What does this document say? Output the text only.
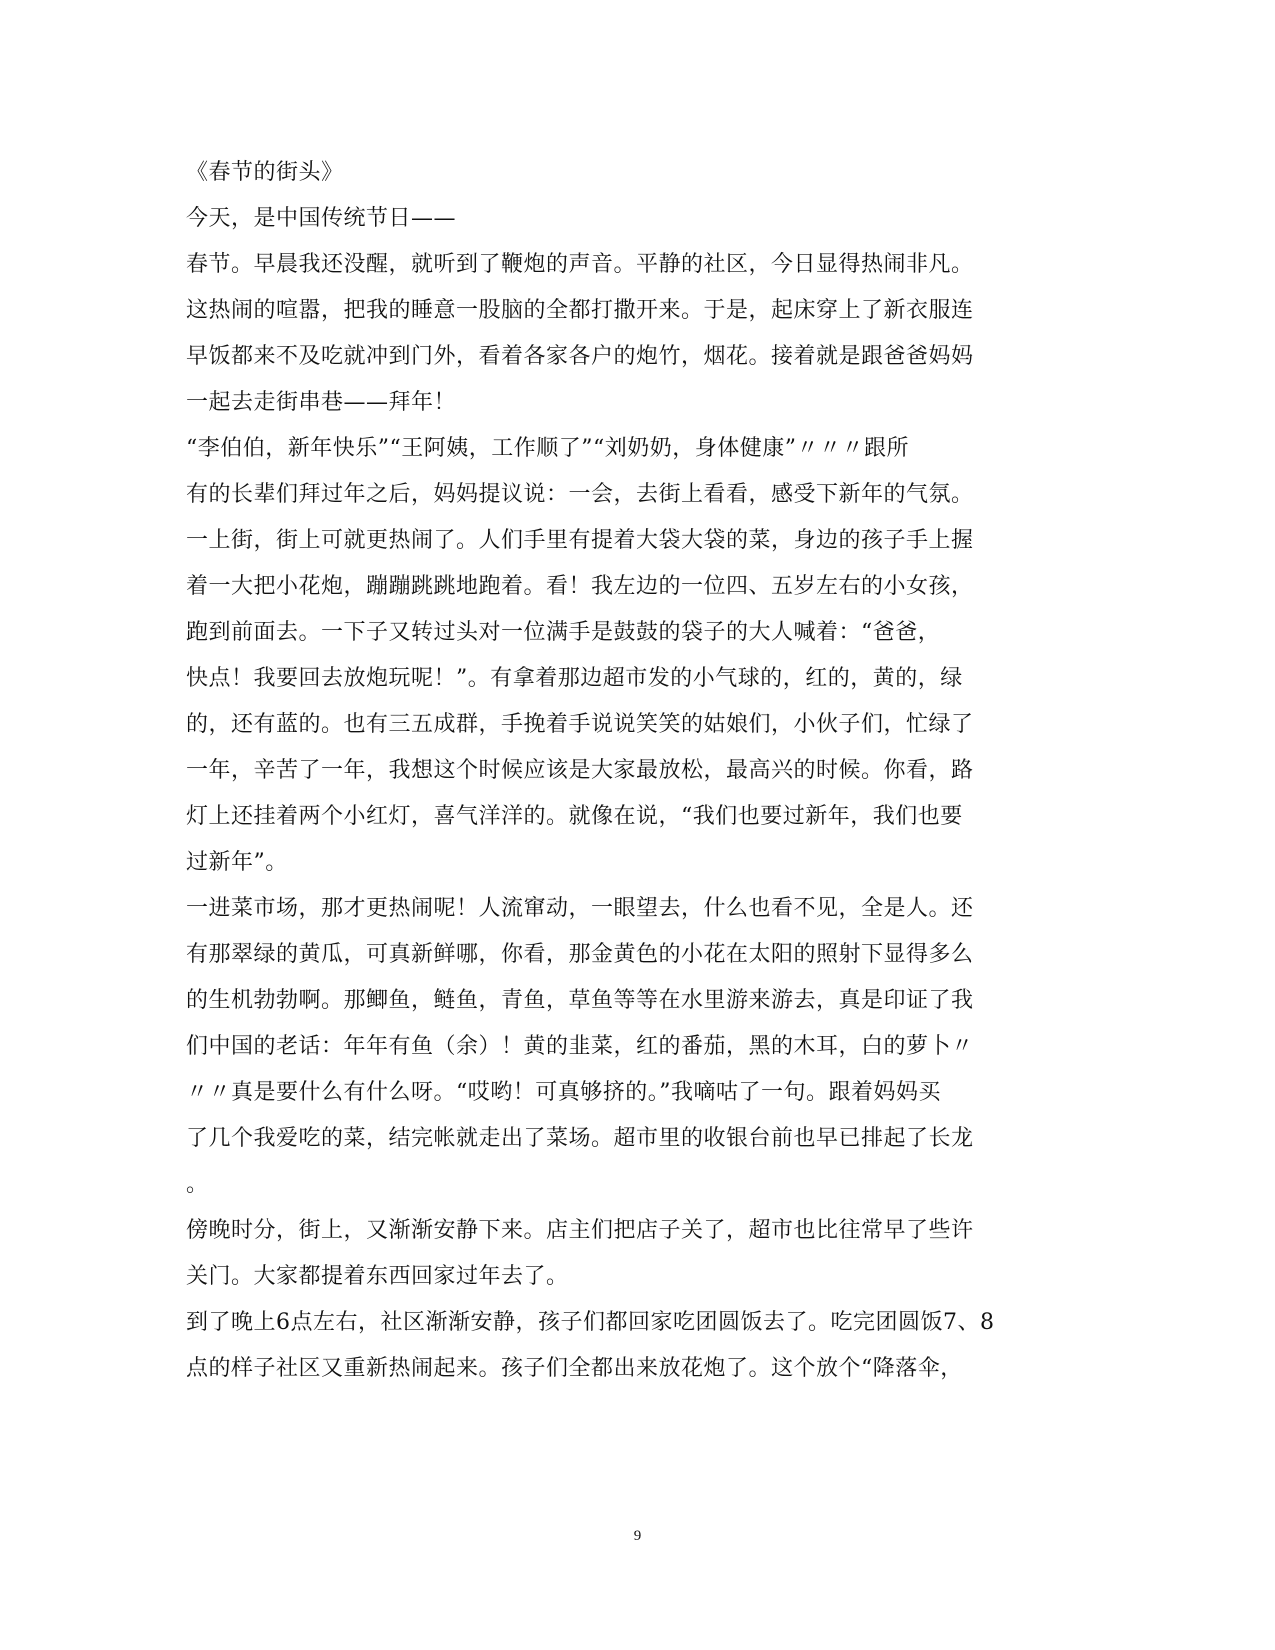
《春节的街头》
今天，是中国传统节日——
春节。早晨我还没醒，就听到了鞭炮的声音。平静的社区，今日显得热闹非凡。
这热闹的喧嚣，把我的睡意一股脑的全都打撒开来。于是，起床穿上了新衣服连
早饭都来不及吃就冲到门外，看着各家各户的炮竹，烟花。接着就是跟爸爸妈妈
一起去走街串巷——拜年！
“李伯伯，新年快乐”“王阿姨，工作顺了”“刘奶奶，身体健康”〃〃〃跟所
有的长辈们拜过年之后，妈妈提议说：一会，去街上看看，感受下新年的气氛。
一上街，街上可就更热闹了。人们手里有提着大袋大袋的菜，身边的孩子手上握
着一大把小花炮，蹦蹦跳跳地跑着。看！我左边的一位四、五岁左右的小女孩，
跑到前面去。一下子又转过头对一位满手是鼓鼓的袋子的大人喊着：“爸爸，
快点！我要回去放炮玩呢！”。有拿着那边超市发的小气球的，红的，黄的，绿
的，还有蓝的。也有三五成群，手挽着手说说笑笑的姑娘们，小伙子们，忙绿了
一年，辛苦了一年，我想这个时候应该是大家最放松，最高兴的时候。你看，路
灯上还挂着两个小红灯，喜气洋洋的。就像在说，“我们也要过新年，我们也要
过新年”。
一进菜市场，那才更热闹呢！人流窜动，一眼望去，什么也看不见，全是人。还
有那翠绿的黄瓜，可真新鲜哪，你看，那金黄色的小花在太阳的照射下显得多么
的生机勃勃啊。那鲫鱼，鲢鱼，青鱼，草鱼等等在水里游来游去，真是印证了我
们中国的老话：年年有鱼（余）！黄的韭菜，红的番茄，黑的木耳，白的萝卜〃
〃〃真是要什么有什么呀。“哎哟！可真够挤的。”我嘀咕了一句。跟着妈妈买
了几个我爱吃的菜，结完帐就走出了菜场。超市里的收银台前也早已排起了长龙
。
傍晚时分，街上，又渐渐安静下来。店主们把店子关了，超市也比往常早了些许
关门。大家都提着东西回家过年去了。
到了晚上6点左右，社区渐渐安静，孩子们都回家吃团圆饭去了。吃完团圆饭7、8
点的样子社区又重新热闹起来。孩子们全都出来放花炮了。这个放个“降落伞，
9
